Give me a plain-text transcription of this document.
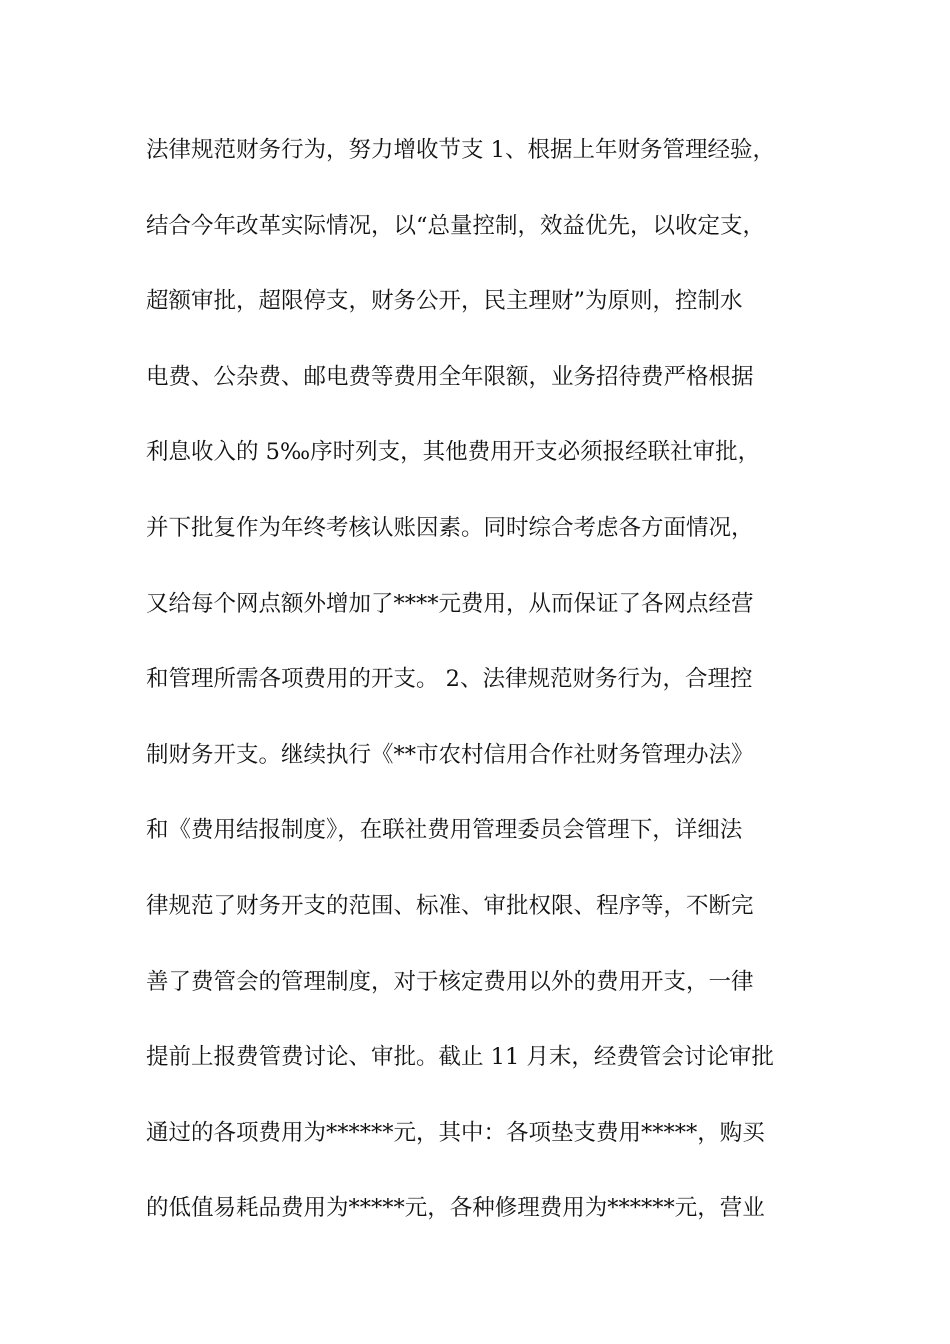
法律规范财务行为，努力增收节支 1、根据上年财务管理经验，
结合今年改革实际情况，以“总量控制，效益优先，以收定支，
超额审批，超限停支，财务公开，民主理财”为原则，控制水
电费、公杂费、邮电费等费用全年限额，业务招待费严格根据
利息收入的 5‰序时列支，其他费用开支必须报经联社审批，
并下批复作为年终考核认账因素。同时综合考虑各方面情况，
又给每个网点额外增加了****元费用，从而保证了各网点经营
和管理所需各项费用的开支。 2、法律规范财务行为，合理控
制财务开支。继续执行《**市农村信用合作社财务管理办法》
和《费用结报制度》，在联社费用管理委员会管理下，详细法
律规范了财务开支的范围、标准、审批权限、程序等，不断完
善了费管会的管理制度，对于核定费用以外的费用开支，一律
提前上报费管费讨论、审批。截止 11 月末，经费管会讨论审批
通过的各项费用为******元，其中：各项垫支费用*****，购买
的低值易耗品费用为*****元，各种修理费用为******元，营业
